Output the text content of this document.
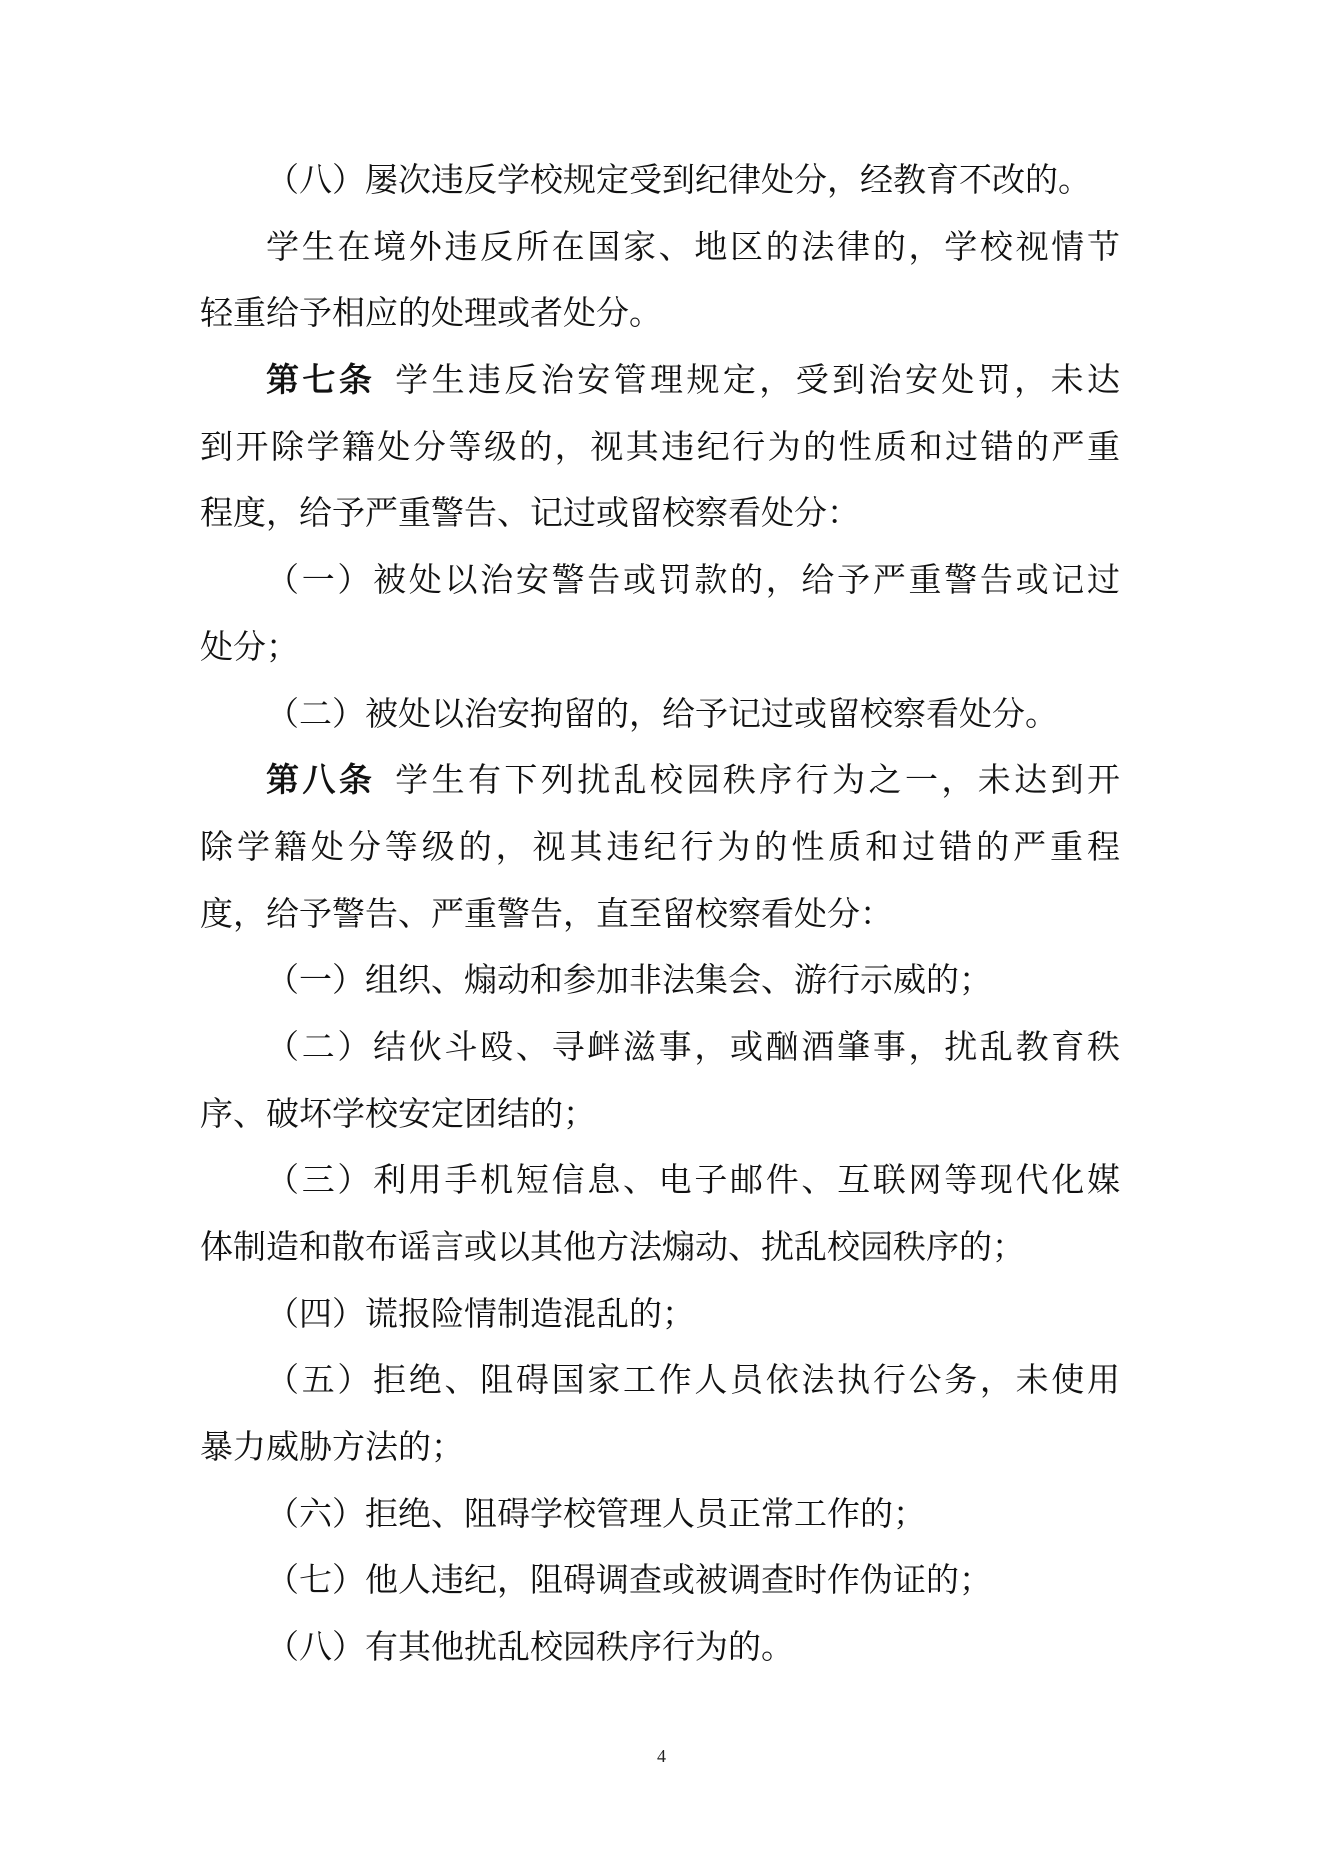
（八）屡次违反学校规定受到纪律处分，经教育不改的。
学生在境外违反所在国家、地区的法律的，学校视情节
轻重给予相应的处理或者处分。
第七条  学生违反治安管理规定，受到治安处罚，未达
到开除学籍处分等级的，视其违纪行为的性质和过错的严重
程度，给予严重警告、记过或留校察看处分：
（一）被处以治安警告或罚款的，给予严重警告或记过
处分；
（二）被处以治安拘留的，给予记过或留校察看处分。
第八条  学生有下列扰乱校园秩序行为之一，未达到开
除学籍处分等级的，视其违纪行为的性质和过错的严重程
度，给予警告、严重警告，直至留校察看处分：
（一）组织、煽动和参加非法集会、游行示威的；
（二）结伙斗殴、寻衅滋事，或酗酒肇事，扰乱教育秩
序、破坏学校安定团结的；
（三）利用手机短信息、电子邮件、互联网等现代化媒
体制造和散布谣言或以其他方法煽动、扰乱校园秩序的；
（四）谎报险情制造混乱的；
（五）拒绝、阻碍国家工作人员依法执行公务，未使用
暴力威胁方法的；
（六）拒绝、阻碍学校管理人员正常工作的；
（七）他人违纪，阻碍调查或被调查时作伪证的；
（八）有其他扰乱校园秩序行为的。
4
